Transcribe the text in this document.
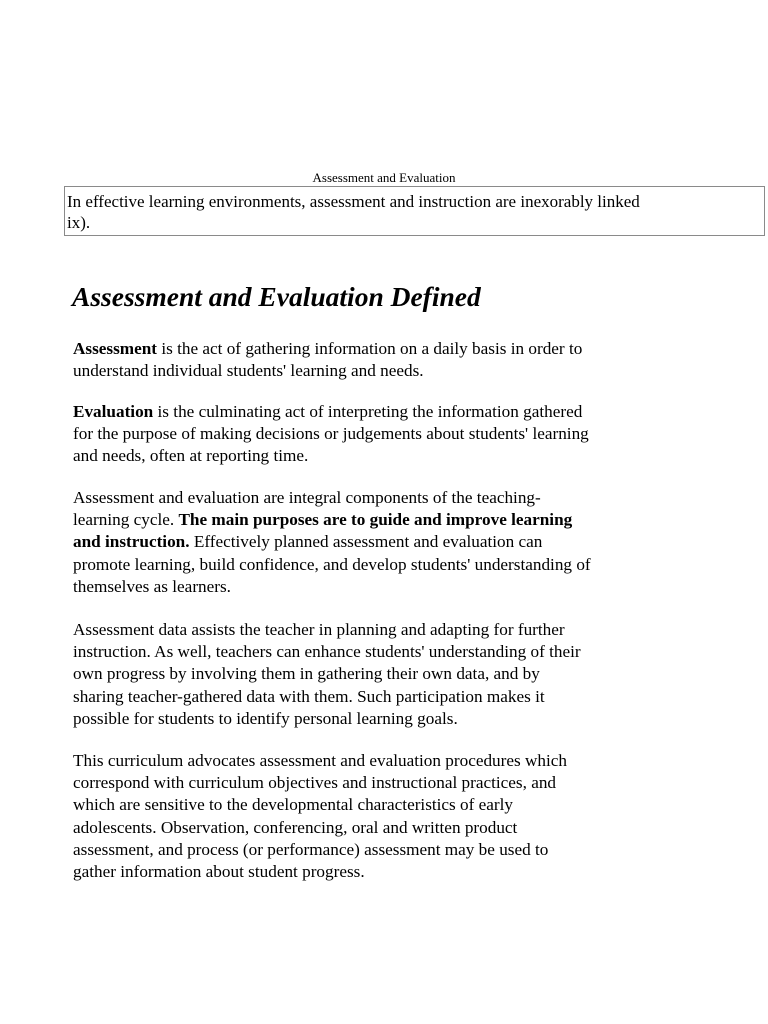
Assessment and Evaluation
In effective learning environments, assessment and instruction are inexorably linked
ix).
Assessment and Evaluation Defined

Assessment is the act of gathering information on a daily basis in order to
understand individual students' learning and needs.

Evaluation is the culminating act of interpreting the information gathered
for the purpose of making decisions or judgements about students' learning
and needs, often at reporting time.

Assessment and evaluation are integral components of the teaching-
learning cycle. The main purposes are to guide and improve learning
and instruction. Effectively planned assessment and evaluation can
promote learning, build confidence, and develop students' understanding of
themselves as learners.

Assessment data assists the teacher in planning and adapting for further
instruction. As well, teachers can enhance students' understanding of their
own progress by involving them in gathering their own data, and by
sharing teacher-gathered data with them. Such participation makes it
possible for students to identify personal learning goals.

This curriculum advocates assessment and evaluation procedures which
correspond with curriculum objectives and instructional practices, and
which are sensitive to the developmental characteristics of early
adolescents. Observation, conferencing, oral and written product
assessment, and process (or performance) assessment may be used to
gather information about student progress.
